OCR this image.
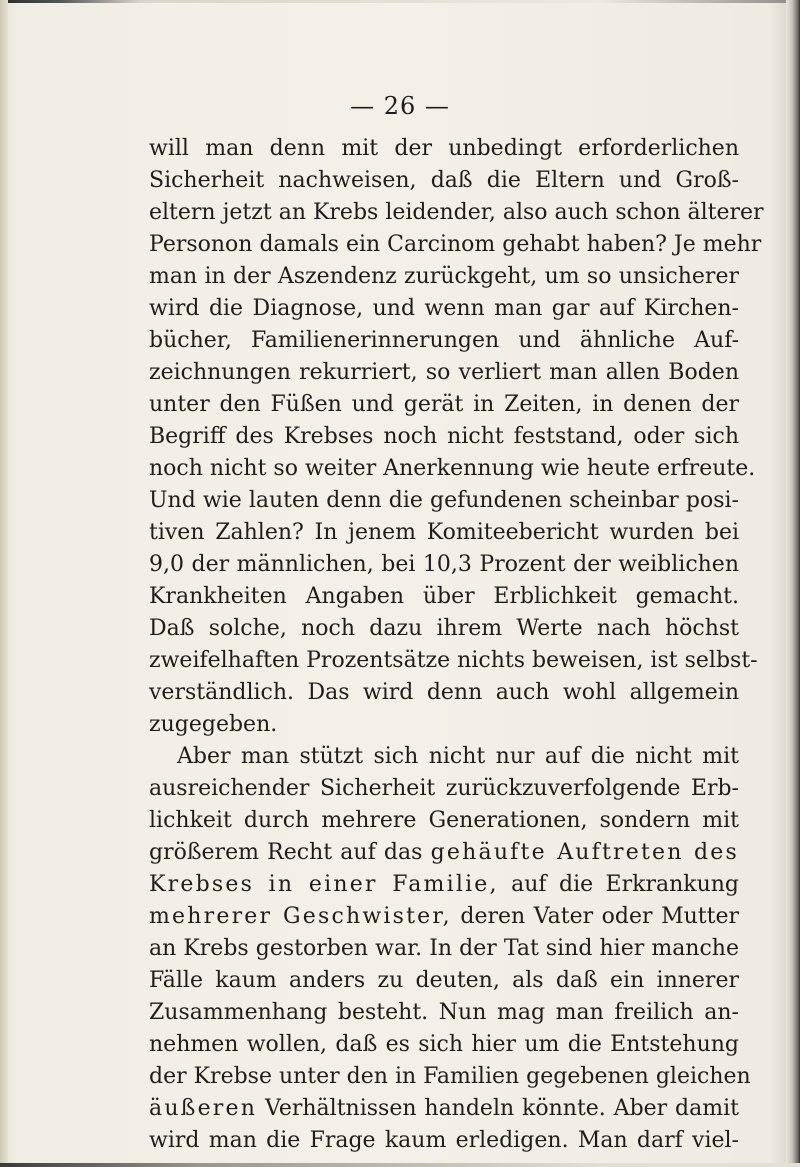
— 26 —
will man denn mit der unbedingt erforderlichen
Sicherheit nachweisen, daß die Eltern und Groß-
eltern jetzt an Krebs leidender, also auch schon älterer
Personon damals ein Carcinom gehabt haben? Je mehr
man in der Aszendenz zurückgeht, um so unsicherer
wird die Diagnose, und wenn man gar auf Kirchen-
bücher, Familienerinnerungen und ähnliche Auf-
zeichnungen rekurriert, so verliert man allen Boden
unter den Füßen und gerät in Zeiten, in denen der
Begriff des Krebses noch nicht feststand, oder sich
noch nicht so weiter Anerkennung wie heute erfreute.
Und wie lauten denn die gefundenen scheinbar posi-
tiven Zahlen? In jenem Komiteebericht wurden bei
9,0 der männlichen, bei 10,3 Prozent der weiblichen
Krankheiten Angaben über Erblichkeit gemacht.
Daß solche, noch dazu ihrem Werte nach höchst
zweifelhaften Prozentsätze nichts beweisen, ist selbst-
verständlich. Das wird denn auch wohl allgemein
zugegeben.
Aber man stützt sich nicht nur auf die nicht mit
ausreichender Sicherheit zurückzuverfolgende Erb-
lichkeit durch mehrere Generationen, sondern mit
größerem Recht auf das gehäufte Auftreten des
Krebses in einer Familie, auf die Erkrankung
mehrerer Geschwister, deren Vater oder Mutter
an Krebs gestorben war. In der Tat sind hier manche
Fälle kaum anders zu deuten, als daß ein innerer
Zusammenhang besteht. Nun mag man freilich an-
nehmen wollen, daß es sich hier um die Entstehung
der Krebse unter den in Familien gegebenen gleichen
äußeren Verhältnissen handeln könnte. Aber damit
wird man die Frage kaum erledigen. Man darf viel-
